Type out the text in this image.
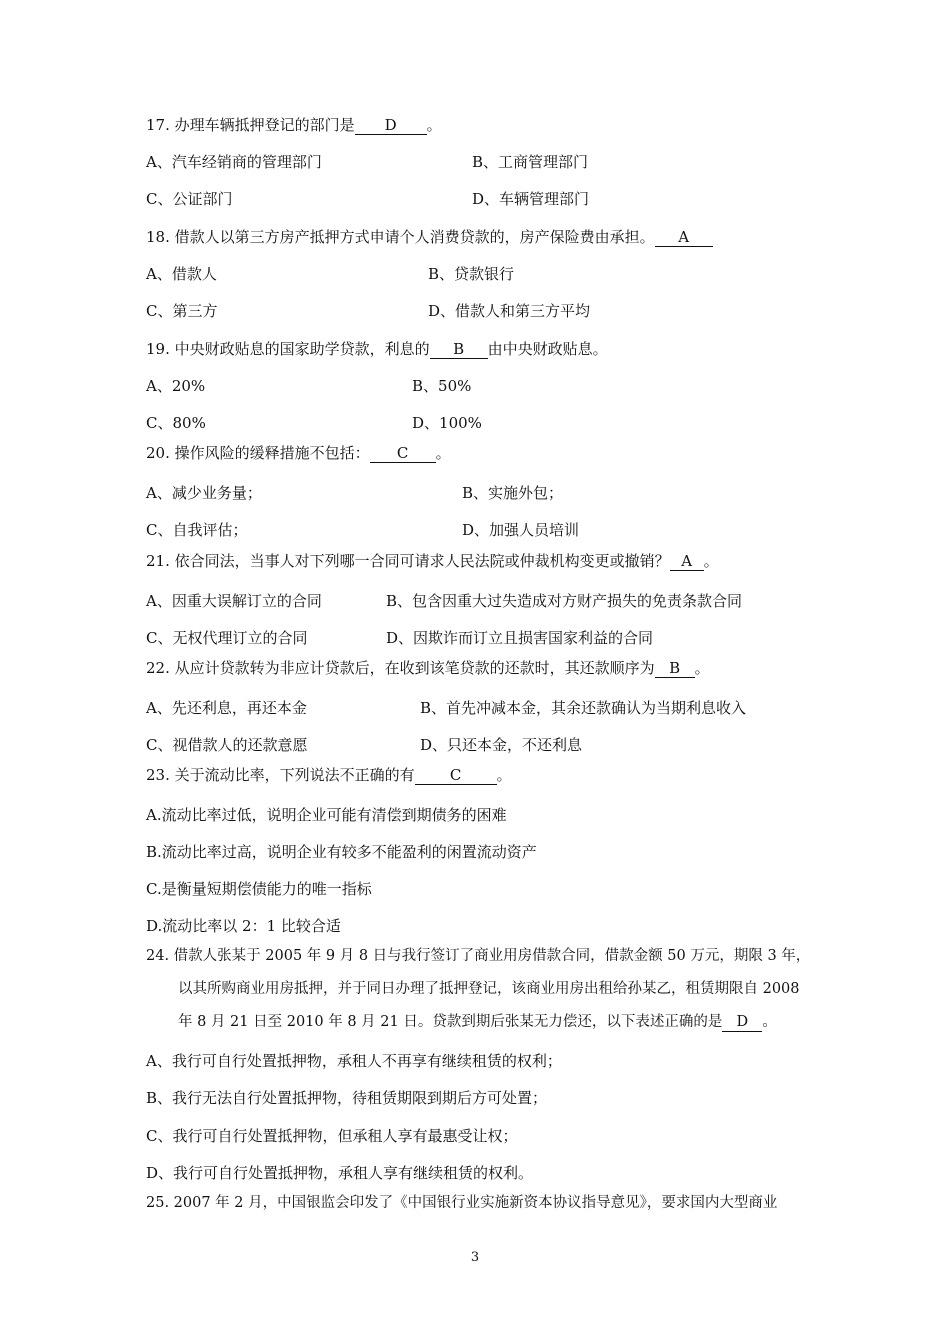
17. 办理车辆抵押登记的部门是 D 。
A、汽车经销商的管理部门	B、工商管理部门
C、公证部门	D、车辆管理部门
18. 借款人以第三方房产抵押方式申请个人消费贷款的，房产保险费由承担。 A
A、借款人	B、贷款银行
C、第三方	D、借款人和第三方平均
19. 中央财政贴息的国家助学贷款，利息的 B 由中央财政贴息。
A、20%	B、50%
C、80%	D、100%
20. 操作风险的缓释措施不包括： C 。
A、减少业务量；	B、实施外包；
C、自我评估；	D、加强人员培训
21. 依合同法，当事人对下列哪一合同可请求人民法院或仲裁机构变更或撤销？ A 。
A、因重大误解订立的合同	B、包含因重大过失造成对方财产损失的免责条款合同
C、无权代理订立的合同	D、因欺诈而订立且损害国家利益的合同
22. 从应计贷款转为非应计贷款后，在收到该笔贷款的还款时，其还款顺序为 B 。
A、先还利息，再还本金	B、首先冲减本金，其余还款确认为当期利息收入
C、视借款人的还款意愿	D、只还本金，不还利息
23. 关于流动比率，下列说法不正确的有 C 。
A.流动比率过低，说明企业可能有清偿到期债务的困难
B.流动比率过高，说明企业有较多不能盈利的闲置流动资产
C.是衡量短期偿债能力的唯一指标
D.流动比率以 2：1 比较合适
24. 借款人张某于 2005 年 9 月 8 日与我行签订了商业用房借款合同，借款金额 50 万元，期限 3 年，
以其所购商业用房抵押，并于同日办理了抵押登记，该商业用房出租给孙某乙，租赁期限自 2008
年 8 月 21 日至 2010 年 8 月 21 日。贷款到期后张某无力偿还，以下表述正确的是 D 。
A、我行可自行处置抵押物，承租人不再享有继续租赁的权利；
B、我行无法自行处置抵押物，待租赁期限到期后方可处置；
C、我行可自行处置抵押物，但承租人享有最惠受让权；
D、我行可自行处置抵押物，承租人享有继续租赁的权利。
25. 2007 年 2 月，中国银监会印发了《中国银行业实施新资本协议指导意见》，要求国内大型商业
3
